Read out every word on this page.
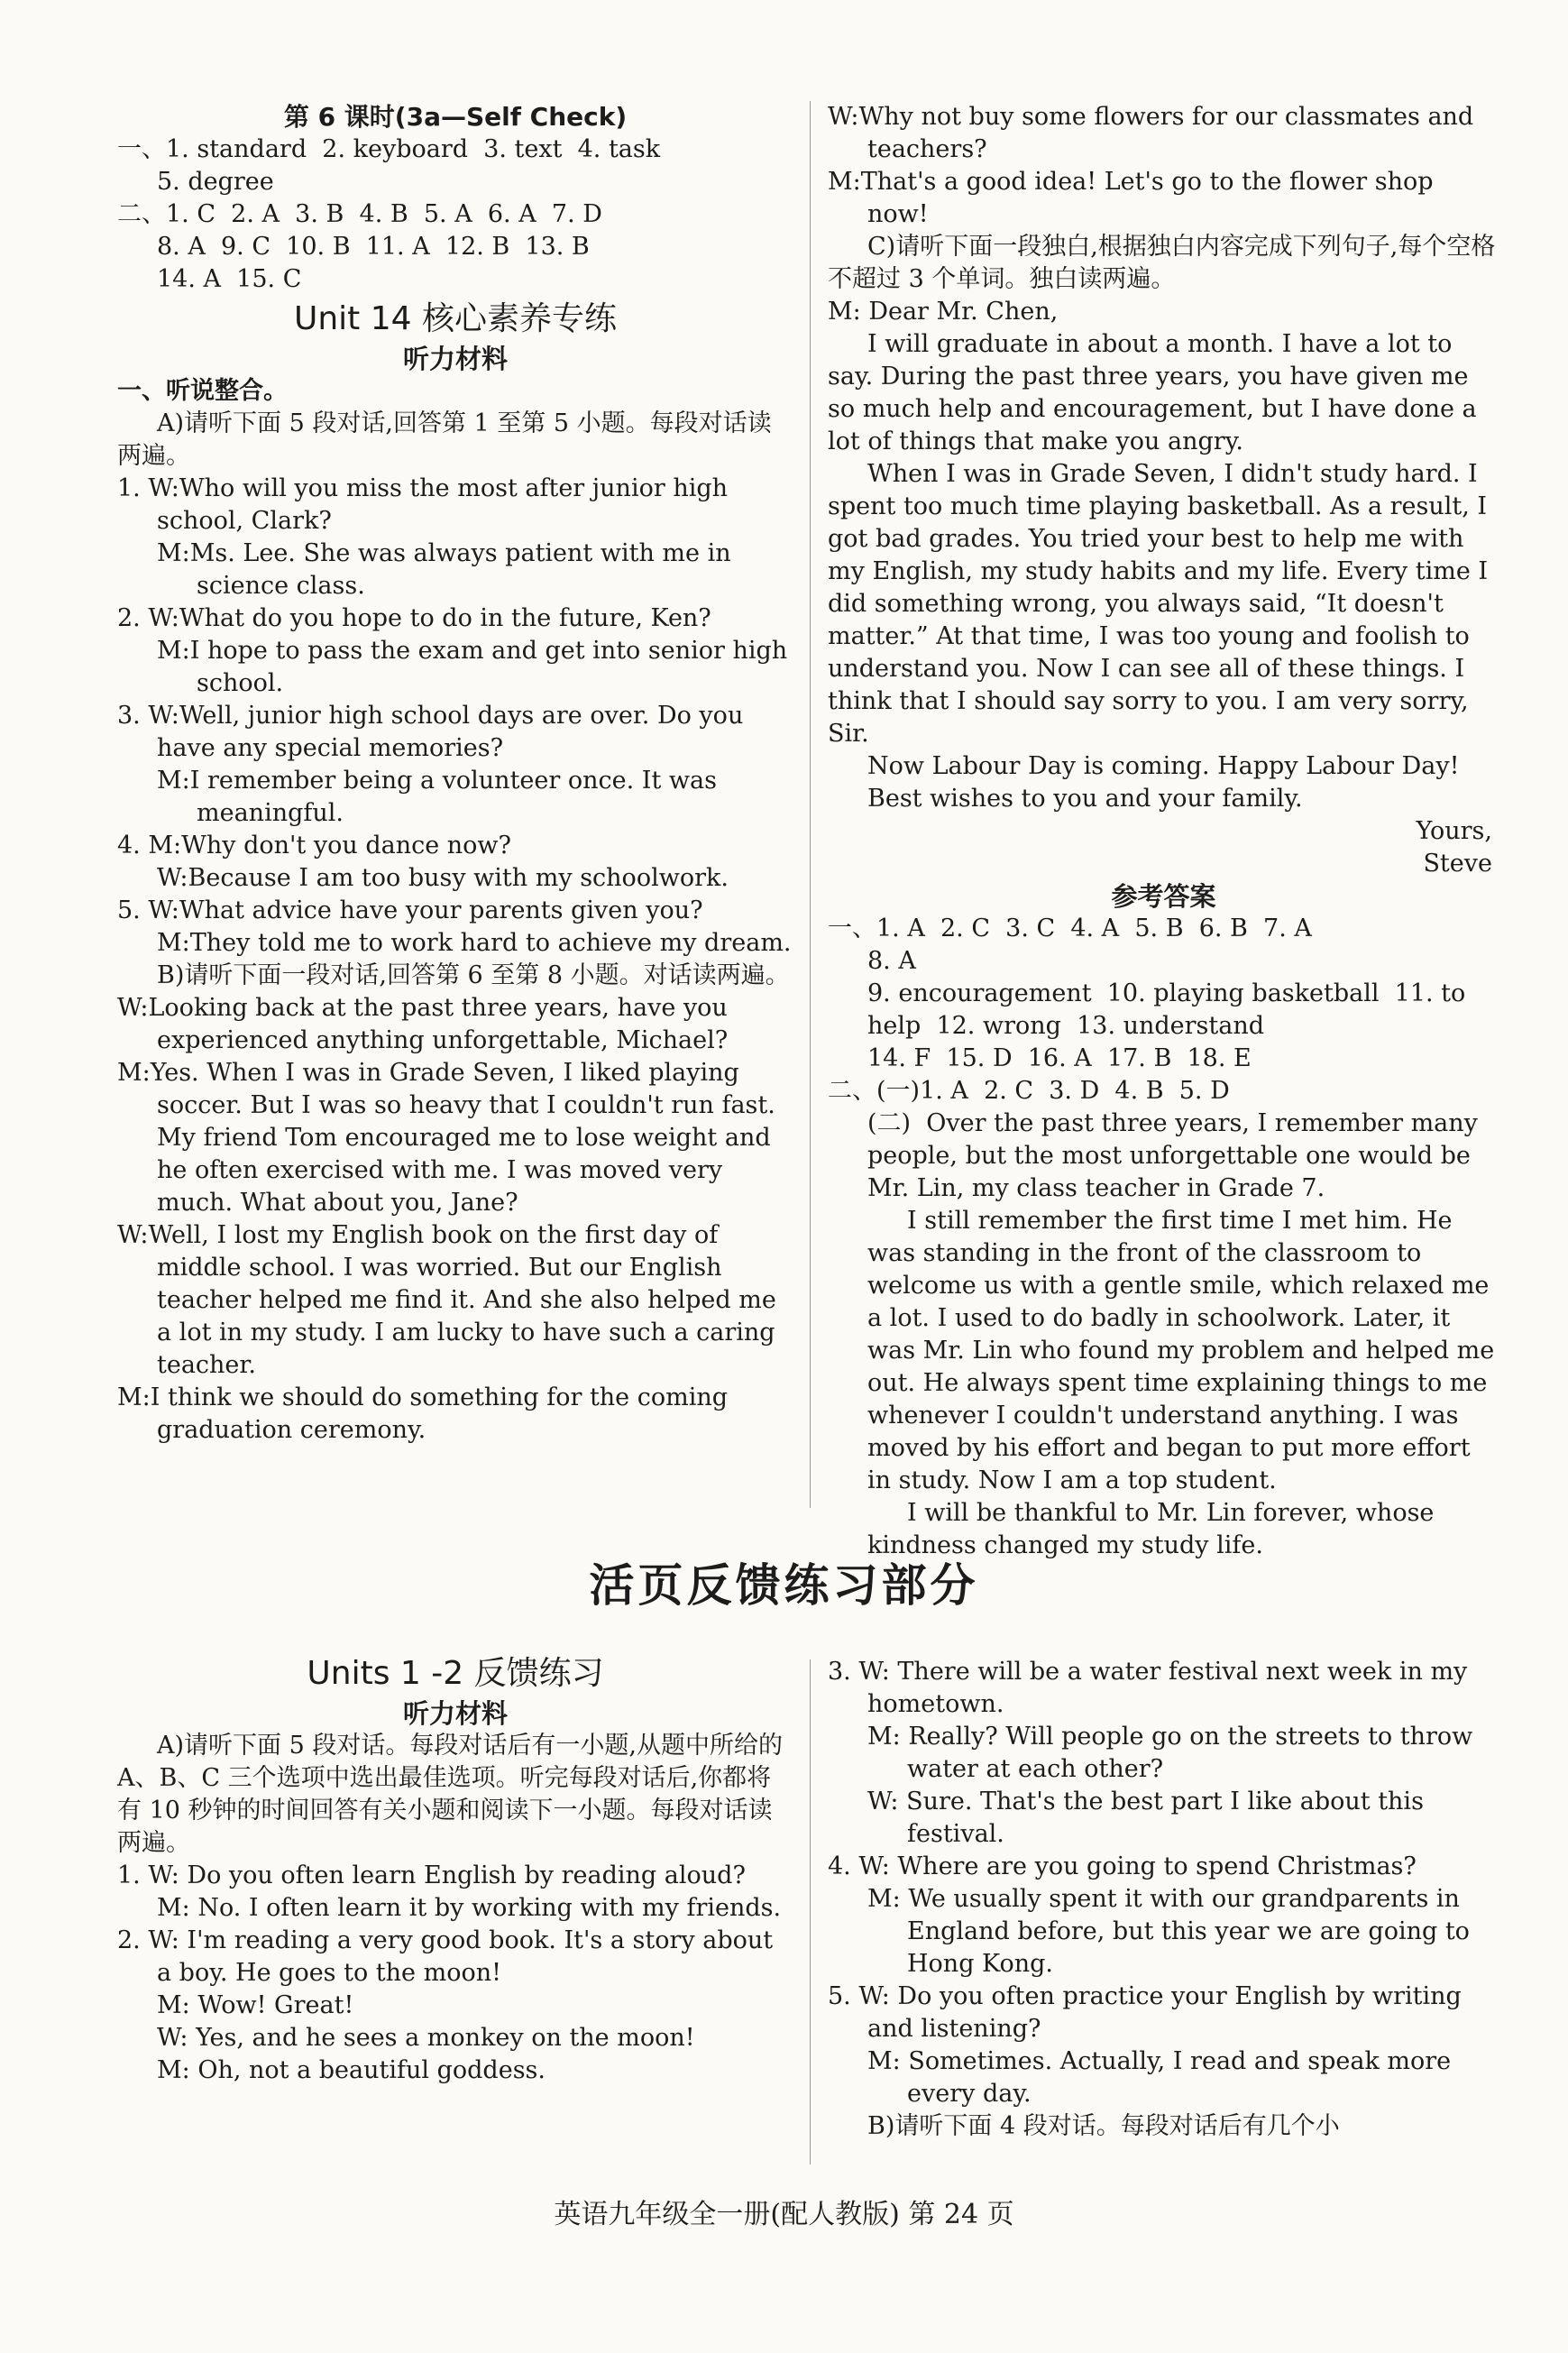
第 6 课时(3a—Self Check)

一、1. standard  2. keyboard  3. text  4. task

5. degree

二、1. C  2. A  3. B  4. B  5. A  6. A  7. D

8. A  9. C  10. B  11. A  12. B  13. B

14. A  15. C

Unit 14 核心素养专练

听力材料

一、听说整合。

A)请听下面 5 段对话,回答第 1 至第 5 小题。每段对话读两遍。

1. W:Who will you miss the most after junior high school, Clark?

M:Ms. Lee. She was always patient with me in science class.

2. W:What do you hope to do in the future, Ken?

M:I hope to pass the exam and get into senior high school.

3. W:Well, junior high school days are over. Do you have any special memories?

M:I remember being a volunteer once. It was meaningful.

4. M:Why don't you dance now?

W:Because I am too busy with my schoolwork.

5. W:What advice have your parents given you?

M:They told me to work hard to achieve my dream.

B)请听下面一段对话,回答第 6 至第 8 小题。对话读两遍。

W:Looking back at the past three years, have you experienced anything unforgettable, Michael?

M:Yes. When I was in Grade Seven, I liked playing soccer. But I was so heavy that I couldn't run fast. My friend Tom encouraged me to lose weight and he often exercised with me. I was moved very much. What about you, Jane?

W:Well, I lost my English book on the first day of middle school. I was worried. But our English teacher helped me find it. And she also helped me a lot in my study. I am lucky to have such a caring teacher.

M:I think we should do something for the coming graduation ceremony.

W:Why not buy some flowers for our classmates and teachers?

M:That's a good idea! Let's go to the flower shop now!

C)请听下面一段独白,根据独白内容完成下列句子,每个空格不超过 3 个单词。独白读两遍。

M: Dear Mr. Chen,

I will graduate in about a month. I have a lot to say. During the past three years, you have given me so much help and encouragement, but I have done a lot of things that make you angry.

When I was in Grade Seven, I didn't study hard. I spent too much time playing basketball. As a result, I got bad grades. You tried your best to help me with my English, my study habits and my life. Every time I did something wrong, you always said, “It doesn't matter.” At that time, I was too young and foolish to understand you. Now I can see all of these things. I think that I should say sorry to you. I am very sorry, Sir.

Now Labour Day is coming. Happy Labour Day!

Best wishes to you and your family.

Yours,

Steve

参考答案

一、1. A  2. C  3. C  4. A  5. B  6. B  7. A

8. A

9. encouragement  10. playing basketball  11. to help  12. wrong  13. understand

14. F  15. D  16. A  17. B  18. E

二、(一)1. A  2. C  3. D  4. B  5. D

(二)  Over the past three years, I remember many people, but the most unforgettable one would be Mr. Lin, my class teacher in Grade 7.

I still remember the first time I met him. He was standing in the front of the classroom to welcome us with a gentle smile, which relaxed me a lot. I used to do badly in schoolwork. Later, it was Mr. Lin who found my problem and helped me out. He always spent time explaining things to me whenever I couldn't understand anything. I was moved by his effort and began to put more effort in study. Now I am a top student.

I will be thankful to Mr. Lin forever, whose kindness changed my study life.

活页反馈练习部分

Units 1 -2 反馈练习

听力材料

A)请听下面 5 段对话。每段对话后有一小题,从题中所给的 A、B、C 三个选项中选出最佳选项。听完每段对话后,你都将有 10 秒钟的时间回答有关小题和阅读下一小题。每段对话读两遍。

1. W: Do you often learn English by reading aloud?

M: No. I often learn it by working with my friends.

2. W: I'm reading a very good book. It's a story about a boy. He goes to the moon!

M: Wow! Great!

W: Yes, and he sees a monkey on the moon!

M: Oh, not a beautiful goddess.

3. W: There will be a water festival next week in my hometown.

M: Really? Will people go on the streets to throw water at each other?

W: Sure. That's the best part I like about this festival.

4. W: Where are you going to spend Christmas?

M: We usually spent it with our grandparents in England before, but this year we are going to Hong Kong.

5. W: Do you often practice your English by writing and listening?

M: Sometimes. Actually, I read and speak more every day.

B)请听下面 4 段对话。每段对话后有几个小

英语九年级全一册(配人教版) 第 24 页
